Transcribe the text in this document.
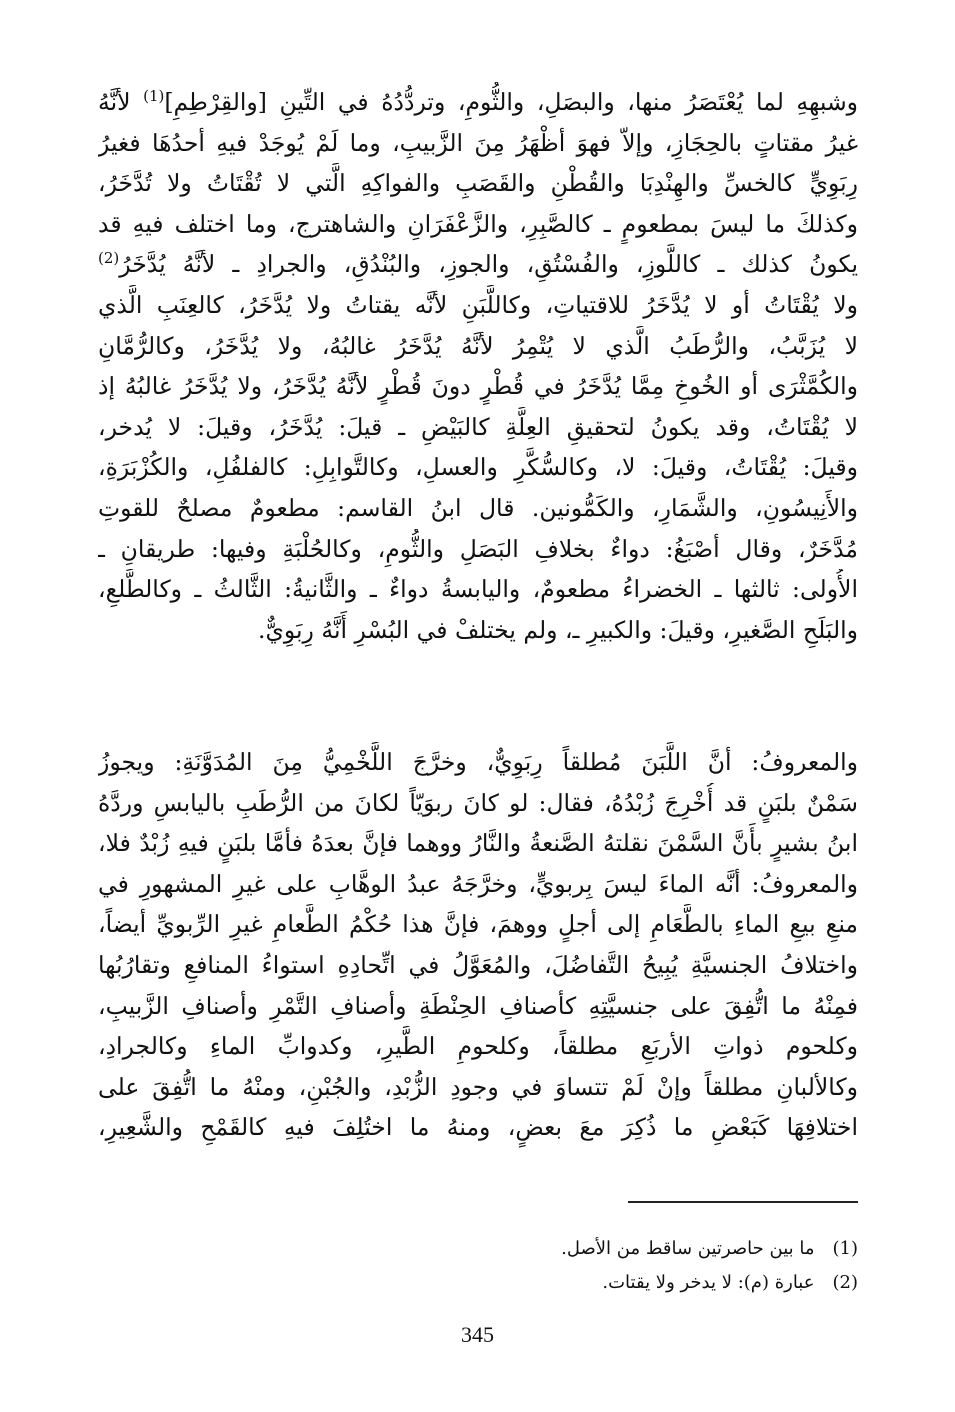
وشبهِهِ لما يُعْتَصَرُ منها، والبصَلِ، والثُّومِ، وتردُّدُهُ في التِّينِ [والقِرْطِمِ]$^{(1)}$ لأنَّهُ
غيرُ مقتاتٍ بالحِجَازِ، وإلاّ فهوَ أظْهَرُ مِنَ الزَّبيبِ، وما لَمْ يُوجَدْ فيهِ أحدُهَا فغيرُ
رِبَوِيٍّ كالخسِّ والهِنْدِبَا والقُطْنِ والقَصَبِ والفواكِهِ الَّتي لا تُقْتَاتُ ولا تُدَّخَرُ،
وكذلكَ ما ليسَ بمطعومٍ ـ كالصَّبِرِ، والزَّعْفَرَانِ والشاهترج، وما اختلف فيهِ قد
يكونُ كذلك ـ كاللَّوزِ، والفُسْتُقِ، والجوزِ، والبُنْدُقِ، والجرادِ ـ لأنَّهُ يُدَّخَرُ$^{(2)}$
ولا يُقْتَاتُ أو لا يُدَّخَرُ للاقتياتِ، وكاللَّبَنِ لأنَّه يقتاتُ ولا يُدَّخَرُ، كالعِنَبِ الَّذي
لا يُزَبَّبُ، والرُّطَبُ الَّذي لا يُتْمِرُ لأنَّهُ يُدَّخَرُ غالبُهُ، ولا يُدَّخَرُ، وكالرُّمَّانِ
والكُمَّثْرَى أو الخُوخِ مِمَّا يُدَّخَرُ في قُطْرٍ دونَ قُطْرٍ لأنَّهُ يُدَّخَرُ، ولا يُدَّخَرُ غالبُهُ إذ
لا يُقْتَاتُ، وقد يكونُ لتحقيقِ العِلَّةِ كالبَيْضِ ـ قيلَ: يُدَّخَرُ، وقيلَ: لا يُدخر،
وقيلَ: يُقْتَاتُ، وقيلَ: لا، وكالسُّكَّرِ والعسلِ، وكالتَّوابِلِ: كالفلفُلِ، والكُزْبَرَةِ،
والأَنِيسُونِ، والشَّمَارِ، والكَمُّونين. قال ابنُ القاسم: مطعومٌ مصلحٌ للقوتِ
مُدَّخَرٌ، وقال أصْبَغُ: دواءٌ بخلافِ البَصَلِ والثُّومِ، وكالحُلْبَةِ وفيها: طريقانِ ـ
الأُولى: ثالثها ـ الخضراءُ مطعومٌ، واليابسةُ دواءٌ ـ والثَّانيةُ: الثَّالثُ ـ وكالطَّلعِ،
والبَلَحِ الصَّغيرِ، وقيلَ: والكبيرِ ـ، ولم يختلفْ في البُسْرِ أَنَّهُ رِبَوِيٌّ.
والمعروفُ: أنَّ اللَّبَنَ مُطلقاً رِبَوِيٌّ، وخرَّجَ اللَّخْمِيُّ مِنَ المُدَوَّنَةِ: ويجوزُ
سَمْنٌ بلبَنٍ قد أُخْرِجَ زُبْدُهُ، فقال: لو كانَ ربوَيّاً لكانَ من الرُّطَبِ باليابسِ وردَّهُ
ابنُ بشيرٍ بأَنَّ السَّمْنَ نقلتهُ الصَّنعةُ والنَّارُ ووهما فإنَّ بعدَهُ فأمَّا بلبَنٍ فيهِ زُبْدٌ فلا،
والمعروفُ: أنَّه الماءَ ليسَ بِربويٍّ، وخرَّجَهُ عبدُ الوهَّابِ على غيرِ المشهورِ في
منعِ بيعِ الماءِ بالطَّعَامِ إلى أجلٍ ووهمَ، فإنَّ هذا حُكْمُ الطَّعامِ غيرِ الرِّبويِّ أيضاً،
واختلافُ الجنسيَّةِ يُبِيحُ التَّفاضُلَ، والمُعَوَّلُ في اتِّحادِهِ استواءُ المنافعِ وتقارُبُها
فمِنْهُ ما اتُّفِقَ على جنسيَّتِهِ كأصنافِ الحِنْطَةِ وأصنافِ التَّمْرِ وأصنافِ الزَّبيبِ،
وكلحوم ذواتِ الأربَعِ مطلقاً، وكلحومِ الطَّيرِ، وكدوابِّ الماءِ وكالجرادِ،
وكالألبانِ مطلقاً وإنْ لَمْ تتساوَ في وجودِ الزُّبْدِ، والجُبْنِ، ومنْهُ ما اتُّفِقَ على
اختلافِهَا كَبَعْضِ ما ذُكِرَ معَ بعضٍ، ومنهُ ما اختُلِفَ فيهِ كالقَمْحِ والشَّعِيرِ،
(1)ما بين حاصرتين ساقط من الأصل.
(2)عبارة (م): لا يدخر ولا يقتات.
345
